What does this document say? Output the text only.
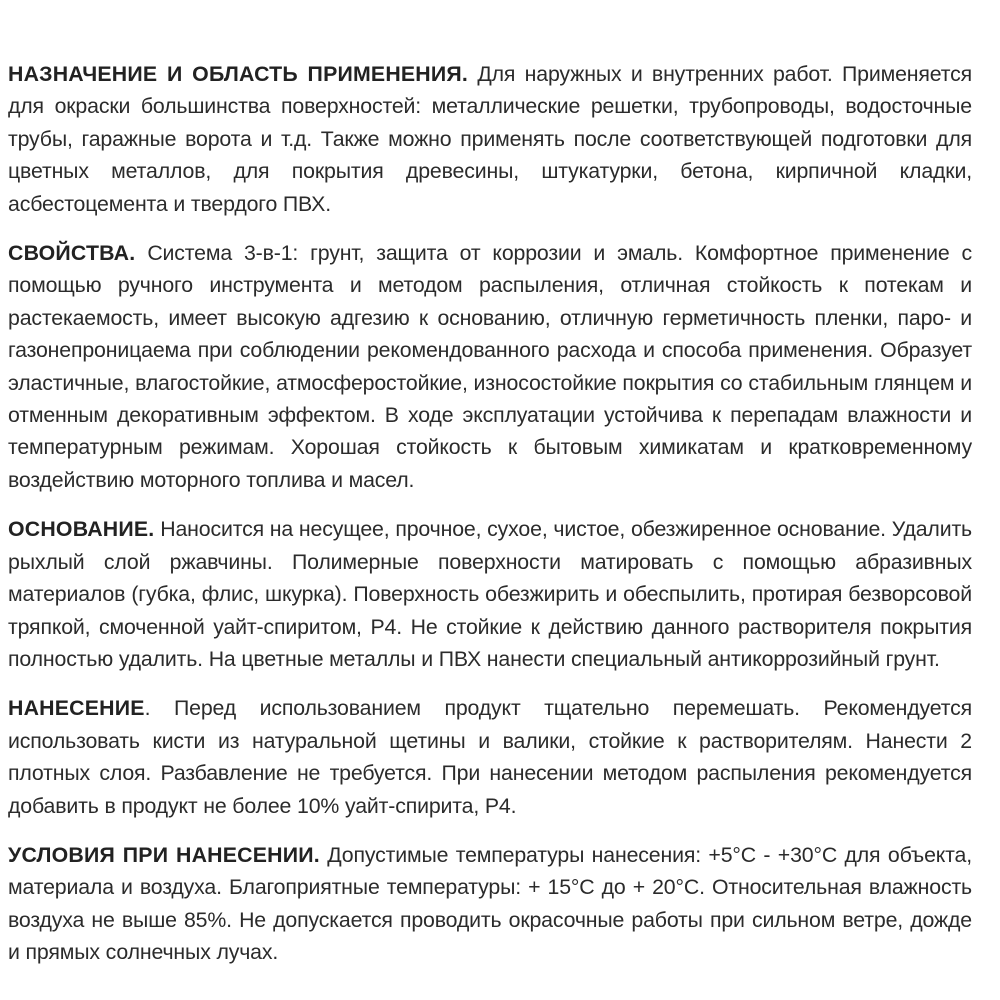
НАЗНАЧЕНИЕ И ОБЛАСТЬ ПРИМЕНЕНИЯ. Для наружных и внутренних работ. Применяется для окраски большинства поверхностей: металлические решетки, трубопроводы, водосточные трубы, гаражные ворота и т.д. Также можно применять после соответствующей подготовки для цветных металлов, для покрытия древесины, штукатурки, бетона, кирпичной кладки, асбестоцемента и твердого ПВХ.

СВОЙСТВА. Система 3-в-1: грунт, защита от коррозии и эмаль. Комфортное применение с помощью ручного инструмента и методом распыления, отличная стойкость к потекам и растекаемость, имеет высокую адгезию к основанию, отличную герметичность пленки, паро- и газонепроницаема при соблюдении рекомендованного расхода и способа применения. Образует эластичные, влагостойкие, атмосферостойкие, износостойкие покрытия со стабильным глянцем и отменным декоративным эффектом. В ходе эксплуатации устойчива к перепадам влажности и температурным режимам. Хорошая стойкость к бытовым химикатам и кратковременному воздействию моторного топлива и масел.

ОСНОВАНИЕ. Наносится на несущее, прочное, сухое, чистое, обезжиренное основание. Удалить рыхлый слой ржавчины. Полимерные поверхности матировать с помощью абразивных материалов (губка, флис, шкурка). Поверхность обезжирить и обеспылить, протирая безворсовой тряпкой, смоченной уайт-спиритом, Р4. Не стойкие к действию данного растворителя покрытия полностью удалить. На цветные металлы и ПВХ нанести специальный антикоррозийный грунт.

НАНЕСЕНИЕ. Перед использованием продукт тщательно перемешать. Рекомендуется использовать кисти из натуральной щетины и валики, стойкие к растворителям. Нанести 2 плотных слоя. Разбавление не требуется. При нанесении методом распыления рекомендуется добавить в продукт не более 10% уайт-спирита, Р4.

УСЛОВИЯ ПРИ НАНЕСЕНИИ. Допустимые температуры нанесения: +5°С - +30°С для объекта, материала и воздуха. Благоприятные температуры: + 15°С до + 20°С. Относительная влажность воздуха не выше 85%. Не допускается проводить окрасочные работы при сильном ветре, дожде и прямых солнечных лучах.
